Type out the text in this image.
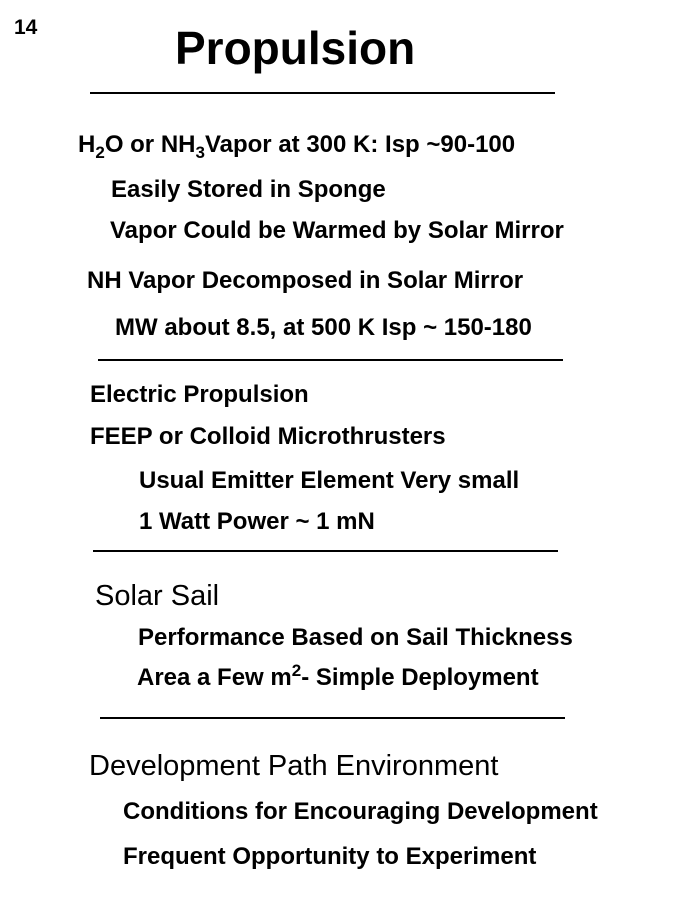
14	Propulsion
$H_2O$ or $NH_3Vapor$ at 300 K: Isp ~90-100
Easily Stored in Sponge
Vapor Could be Warmed by Solar Mirror
NH Vapor Decomposed in Solar Mirror
MW about 8.5, at 500 K Isp ~ 150-180
Electric Propulsion
FEEP or Colloid Microthrusters
Usual Emitter Element Very small
1 Watt Power ~ 1 mN
Solar Sail
Performance Based on Sail Thickness
Area a Few $m^2-$ Simple Deployment
Development Path Environment
Conditions for Encouraging Development
Frequent Opportunity to Experiment
